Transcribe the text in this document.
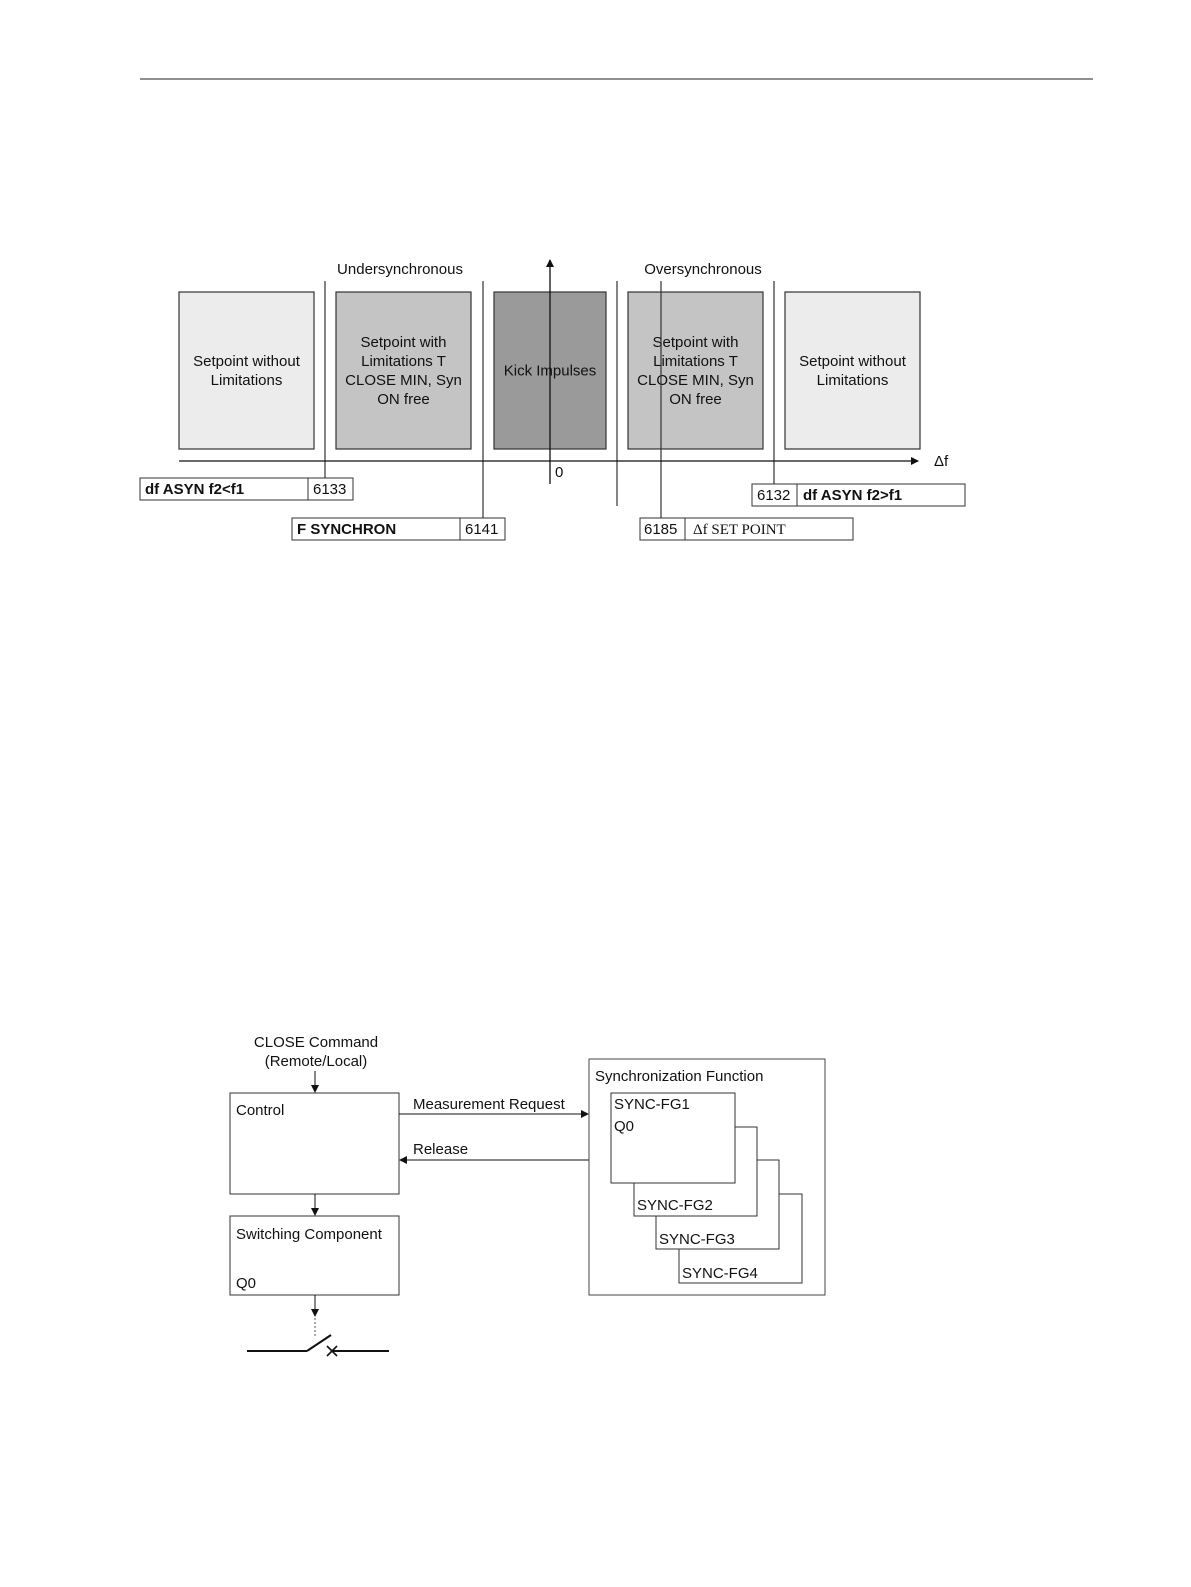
Undersynchronous	Oversynchronous
Setpoint without Limitations
Setpoint with Limitations T CLOSE MIN, Syn ON free
Kick Impulses
Setpoint with Limitations T CLOSE MIN, Syn ON free
Setpoint without Limitations
0
Δf
df ASYN f2<f1	6133
F SYNCHRON	6141	6185 Δf SET POINT
6132 df ASYN f2>f1
CLOSE Command
(Remote/Local)
Control	Measurement Request
Release
Switching Component
Q0
Synchronization Function
SYNC-FG4
SYNC-FG3
SYNC-FG2
SYNC-FG1
Q0
